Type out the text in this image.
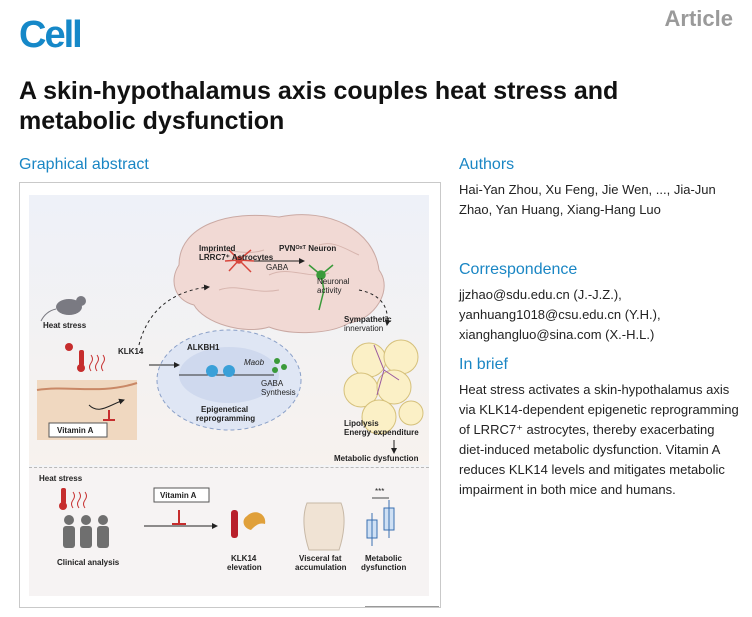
Cell	Article
A skin-hypothalamus axis couples heat stress and metabolic dysfunction
Graphical abstract
Heat stress
KLK14
Vitamin A
Imprinted
LRRC7⁺ Astrocytes
PVNᴼˣᵀ Neuron
GABA
Neuronal
activity
Sympathetic
innervation
ALKBH1
Maob
GABA
Synthesis
Epigenetical
reprogramming
Lipolysis
Energy expenditure
Metabolic dysfunction
Heat stress
Vitamin A	***
Clinical analysis	KLK14
elevation
Visceral fat
accumulation
Metabolic
dysfunction
Authors
Hai-Yan Zhou, Xu Feng, Jie Wen, ..., Jia-Jun Zhao, Yan Huang, Xiang-Hang Luo
Correspondence
jjzhao@sdu.edu.cn (J.-J.Z.),
yanhuang1018@csu.edu.cn (Y.H.),
xianghangluo@sina.com (X.-H.L.)
In brief
Heat stress activates a skin-hypothalamus axis via KLK14-dependent epigenetic reprogramming of LRRC7⁺ astrocytes, thereby exacerbating diet-induced metabolic dysfunction. Vitamin A reduces KLK14 levels and mitigates metabolic impairment in both mice and humans.
